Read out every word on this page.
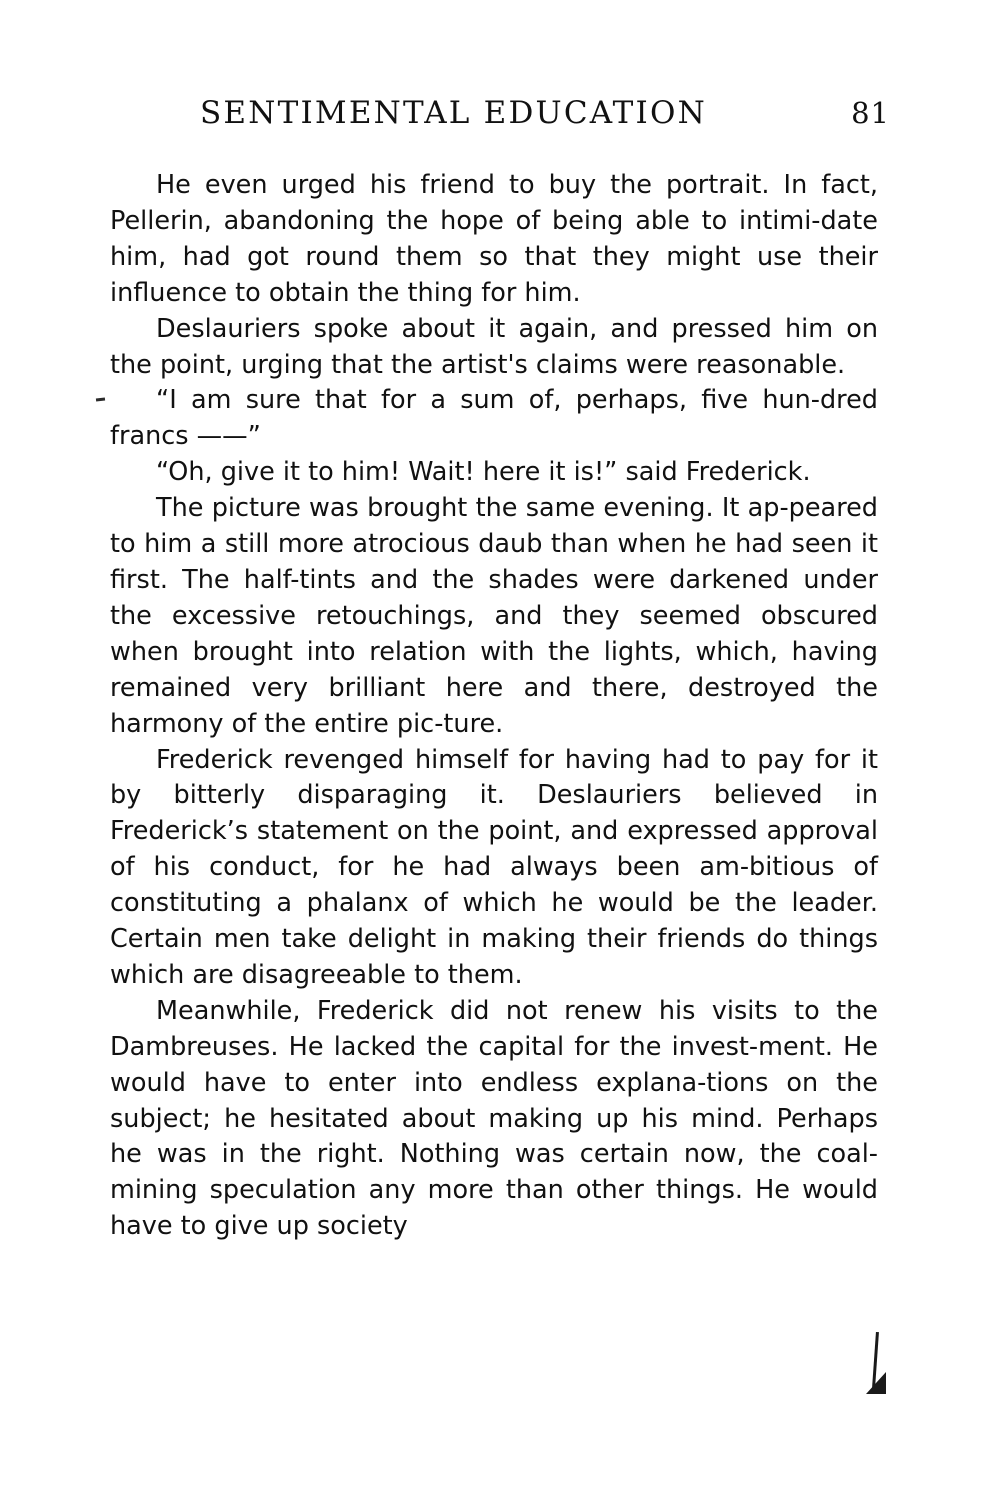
SENTIMENTAL EDUCATION	81

He even urged his friend to buy the portrait. In fact, Pellerin, abandoning the hope of being able to intimi-date him, had got round them so that they might use their influence to obtain the thing for him.

Deslauriers spoke about it again, and pressed him on the point, urging that the artist's claims were reasonable.

“I am sure that for a sum of, perhaps, five hun-dred francs ——”

“Oh, give it to him! Wait! here it is!” said Frederick.

The picture was brought the same evening. It ap-peared to him a still more atrocious daub than when he had seen it first. The half-tints and the shades were darkened under the excessive retouchings, and they seemed obscured when brought into relation with the lights, which, having remained very brilliant here and there, destroyed the harmony of the entire pic-ture.

Frederick revenged himself for having had to pay for it by bitterly disparaging it. Deslauriers believed in Frederick’s statement on the point, and expressed approval of his conduct, for he had always been am-bitious of constituting a phalanx of which he would be the leader. Certain men take delight in making their friends do things which are disagreeable to them.

Meanwhile, Frederick did not renew his visits to the Dambreuses. He lacked the capital for the invest-ment. He would have to enter into endless explana-tions on the subject; he hesitated about making up his mind. Perhaps he was in the right. Nothing was certain now, the coal-mining speculation any more than other things. He would have to give up society
